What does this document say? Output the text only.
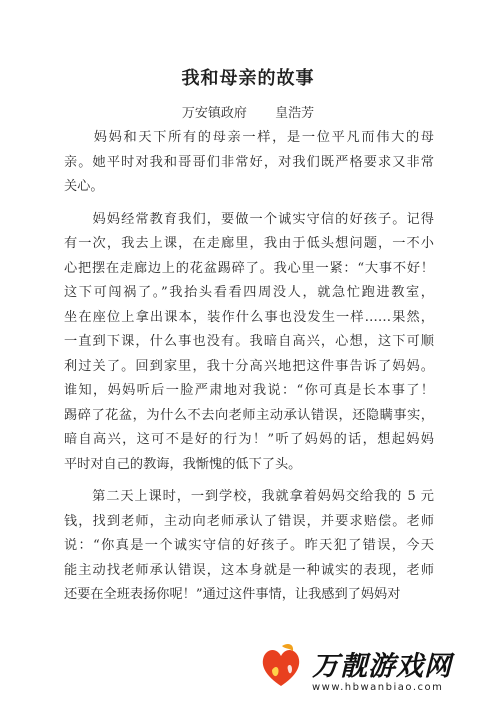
我和母亲的故事
万安镇政府 皇浩芳
　　妈妈和天下所有的母亲一样，是一位平凡而伟大的母
亲。她平时对我和哥哥们非常好，对我们既严格要求又非常
关心。
　　妈妈经常教育我们，要做一个诚实守信的好孩子。记得
有一次，我去上课，在走廊里，我由于低头想问题，一不小
心把摆在走廊边上的花盆踢碎了。我心里一紧：“大事不好！
这下可闯祸了。”我抬头看看四周没人，就急忙跑进教室，
坐在座位上拿出课本，装作什么事也没发生一样……果然，
一直到下课，什么事也没有。我暗自高兴，心想，这下可顺
利过关了。回到家里，我十分高兴地把这件事告诉了妈妈。
谁知，妈妈听后一脸严肃地对我说：“你可真是长本事了！
踢碎了花盆，为什么不去向老师主动承认错误，还隐瞒事实，
暗自高兴，这可不是好的行为！”听了妈妈的话，想起妈妈
平时对自己的教诲，我惭愧的低下了头。
　　第二天上课时，一到学校，我就拿着妈妈交给我的 5 元
钱，找到老师，主动向老师承认了错误，并要求赔偿。老师
说：“你真是一个诚实守信的好孩子。昨天犯了错误，今天
能主动找老师承认错误，这本身就是一种诚实的表现，老师
还要在全班表扬你呢！”通过这件事情，让我感到了妈妈对
万靓游戏网
www.hbwanbiao.com
